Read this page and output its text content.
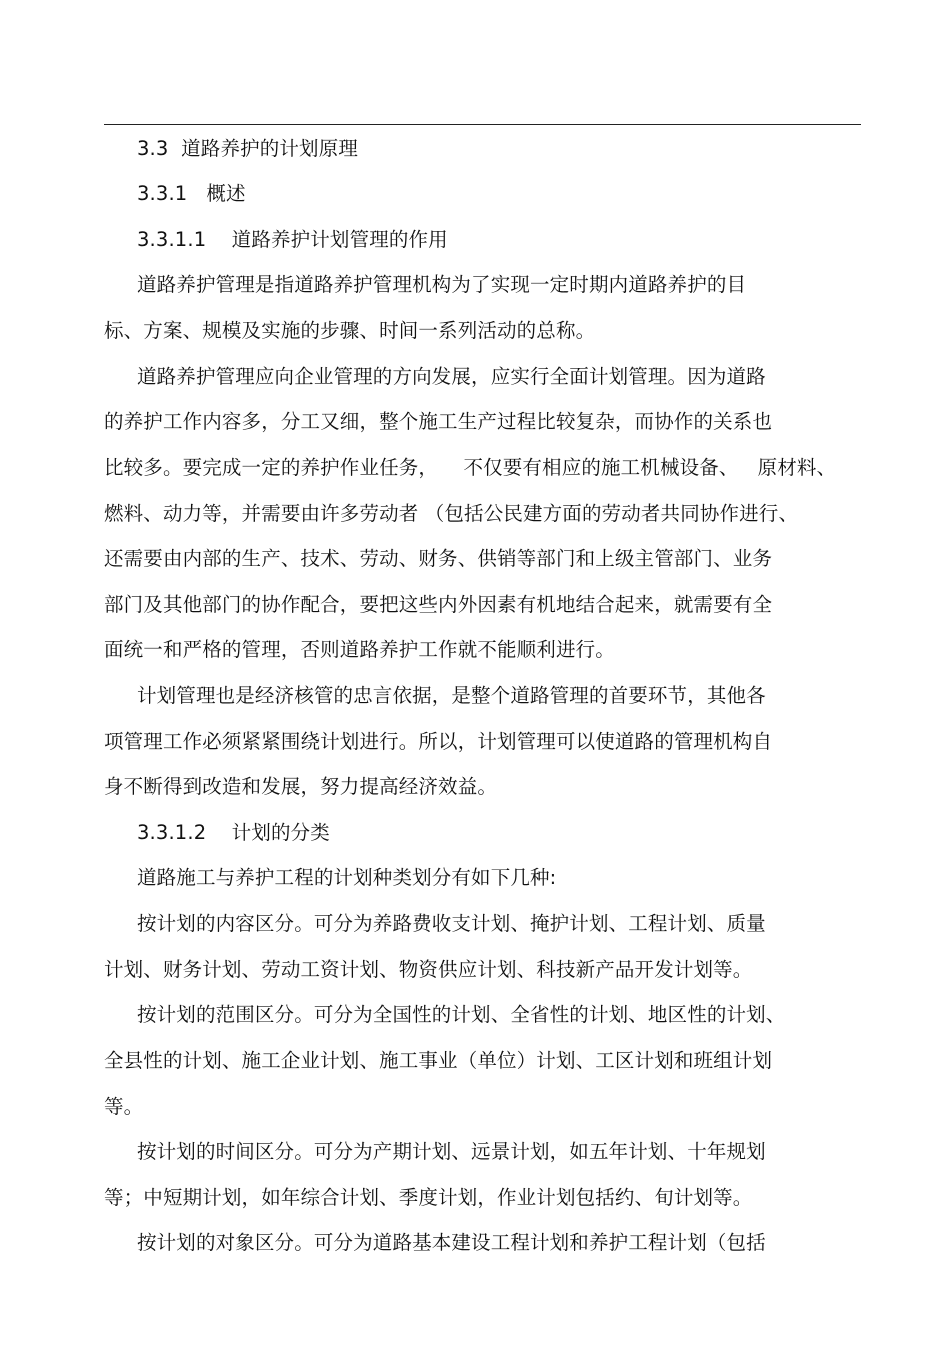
3.3  道路养护的计划原理
3.3.1   概述
3.3.1.1    道路养护计划管理的作用
道路养护管理是指道路养护管理机构为了实现一定时期内道路养护的目
标、方案、规模及实施的步骤、时间一系列活动的总称。
道路养护管理应向企业管理的方向发展，应实行全面计划管理。因为道路
的养护工作内容多，分工又细，整个施工生产过程比较复杂，而协作的关系也
比较多。要完成一定的养护作业任务，    不仅要有相应的施工机械设备、   原材料、
燃料、动力等，并需要由许多劳动者 （包括公民建方面的劳动者共同协作进行、
还需要由内部的生产、技术、劳动、财务、供销等部门和上级主管部门、业务
部门及其他部门的协作配合，要把这些内外因素有机地结合起来，就需要有全
面统一和严格的管理，否则道路养护工作就不能顺利进行。
计划管理也是经济核管的忠言依据，是整个道路管理的首要环节，其他各
项管理工作必须紧紧围绕计划进行。所以，计划管理可以使道路的管理机构自
身不断得到改造和发展，努力提高经济效益。
3.3.1.2    计划的分类
道路施工与养护工程的计划种类划分有如下几种:
按计划的内容区分。可分为养路费收支计划、掩护计划、工程计划、质量
计划、财务计划、劳动工资计划、物资供应计划、科技新产品开发计划等。
按计划的范围区分。可分为全国性的计划、全省性的计划、地区性的计划、
全县性的计划、施工企业计划、施工事业（单位）计划、工区计划和班组计划
等。
按计划的时间区分。可分为产期计划、远景计划，如五年计划、十年规划
等；中短期计划，如年综合计划、季度计划，作业计划包括约、旬计划等。
按计划的对象区分。可分为道路基本建设工程计划和养护工程计划（包括
